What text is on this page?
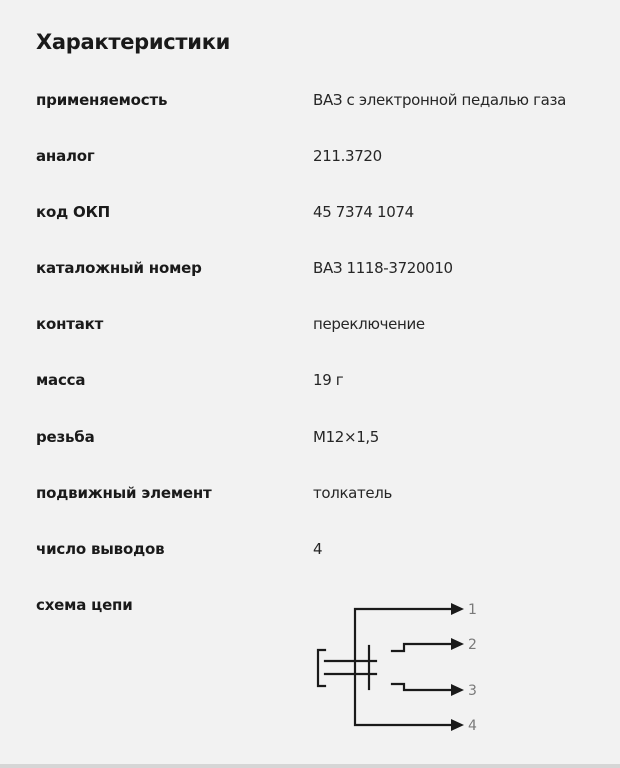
Характеристики
применяемость	ВАЗ с электронной педалью газа
аналог	211.3720
код ОКП	45 7374 1074
каталожный номер	ВАЗ 1118-3720010
контакт	переключение
масса	19 г
резьба	M12×1,5
подвижный элемент	толкатель
число выводов	4
схема цепи	1
2
3
4
